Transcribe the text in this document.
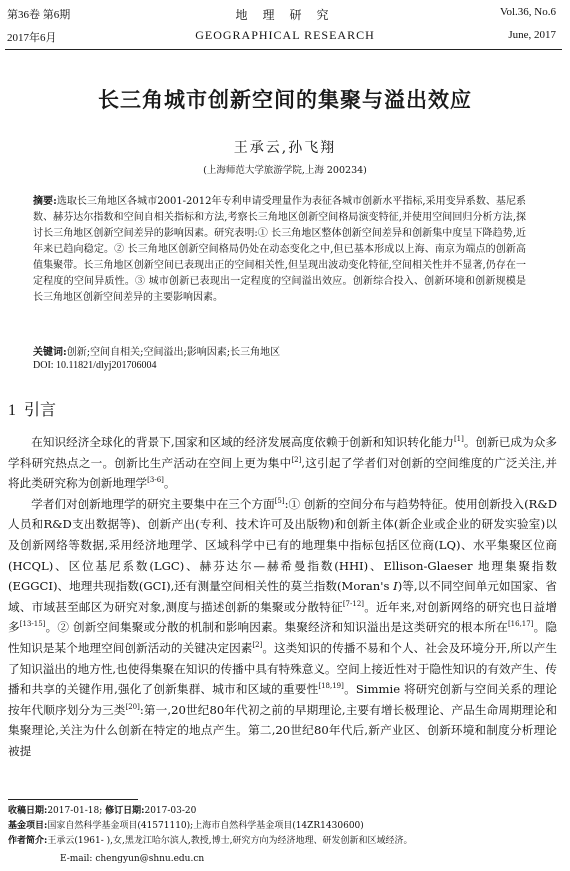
第36卷 第6期
2017年6月
地 理 研 究
GEOGRAPHICAL RESEARCH
Vol.36, No.6
June, 2017
长三角城市创新空间的集聚与溢出效应
王承云,孙飞翔
(上海师范大学旅游学院,上海 200234)
摘要:选取长三角地区各城市2001-2012年专利申请受理量作为表征各城市创新水平指标,采用变异系数、基尼系数、赫芬达尔指数和空间自相关指标和方法,考察长三角地区创新空间格局演变特征,并使用空间回归分析方法,探讨长三角地区创新空间差异的影响因素。研究表明:① 长三角地区整体创新空间差异和创新集中度呈下降趋势,近年来已趋向稳定。② 长三角地区创新空间格局仍处在动态变化之中,但已基本形成以上海、南京为端点的创新高值集聚带。长三角地区创新空间已表现出正的空间相关性,但呈现出波动变化特征,空间相关性并不显著,仍存在一定程度的空间异质性。③ 城市创新已表现出一定程度的空间溢出效应。创新综合投入、创新环境和创新规模是长三角地区创新空间差异的主要影响因素。
关键词:创新;空间自相关;空间溢出;影响因素;长三角地区
DOI: 10.11821/dlyj201706004
1 引言

在知识经济全球化的背景下,国家和区域的经济发展高度依赖于创新和知识转化能力[1]。创新已成为众多学科研究热点之一。创新比生产活动在空间上更为集中[2],这引起了学者们对创新的空间维度的广泛关注,并将此类研究称为创新地理学[3-6]。

学者们对创新地理学的研究主要集中在三个方面[5]:① 创新的空间分布与趋势特征。使用创新投入(R&D人员和R&D支出数据等)、创新产出(专利、技术许可及出版物)和创新主体(新企业或企业的研发实验室)以及创新网络等数据,采用经济地理学、区域科学中已有的地理集中指标包括区位商(LQ)、水平集聚区位商(HCQL)、区位基尼系数(LGC)、赫芬达尔—赫希曼指数(HHI)、Ellison-Glaeser 地理集聚指数(EGGCI)、地理共现指数(GCI),还有测量空间相关性的莫兰指数(Moran's I)等,以不同空间单元如国家、省域、市域甚至邮区为研究对象,测度与描述创新的集聚或分散特征[7-12]。近年来,对创新网络的研究也日益增多[13-15]。② 创新空间集聚或分散的机制和影响因素。集聚经济和知识溢出是这类研究的根本所在[16,17]。隐性知识是某个地理空间创新活动的关键决定因素[2]。这类知识的传播不易和个人、社会及环境分开,所以产生了知识溢出的地方性,也使得集聚在知识的传播中具有特殊意义。空间上接近性对于隐性知识的有效产生、传播和共享的关键作用,强化了创新集群、城市和区域的重要性[18,19]。Simmie 将研究创新与空间关系的理论按年代顺序划分为三类[20]:第一,20世纪80年代初之前的早期理论,主要有增长极理论、产品生命周期理论和集聚理论,关注为什么创新在特定的地点产生。第二,20世纪80年代后,新产业区、创新环境和制度分析理论被提

收稿日期:2017-01-18; 修订日期:2017-03-20
基金项目:国家自然科学基金项目(41571110);上海市自然科学基金项目(14ZR1430600)
作者简介:王承云(1961- ),女,黑龙江哈尔滨人,教授,博士,研究方向为经济地理、研发创新和区域经济。
E-mail: chengyun@shnu.edu.cn
